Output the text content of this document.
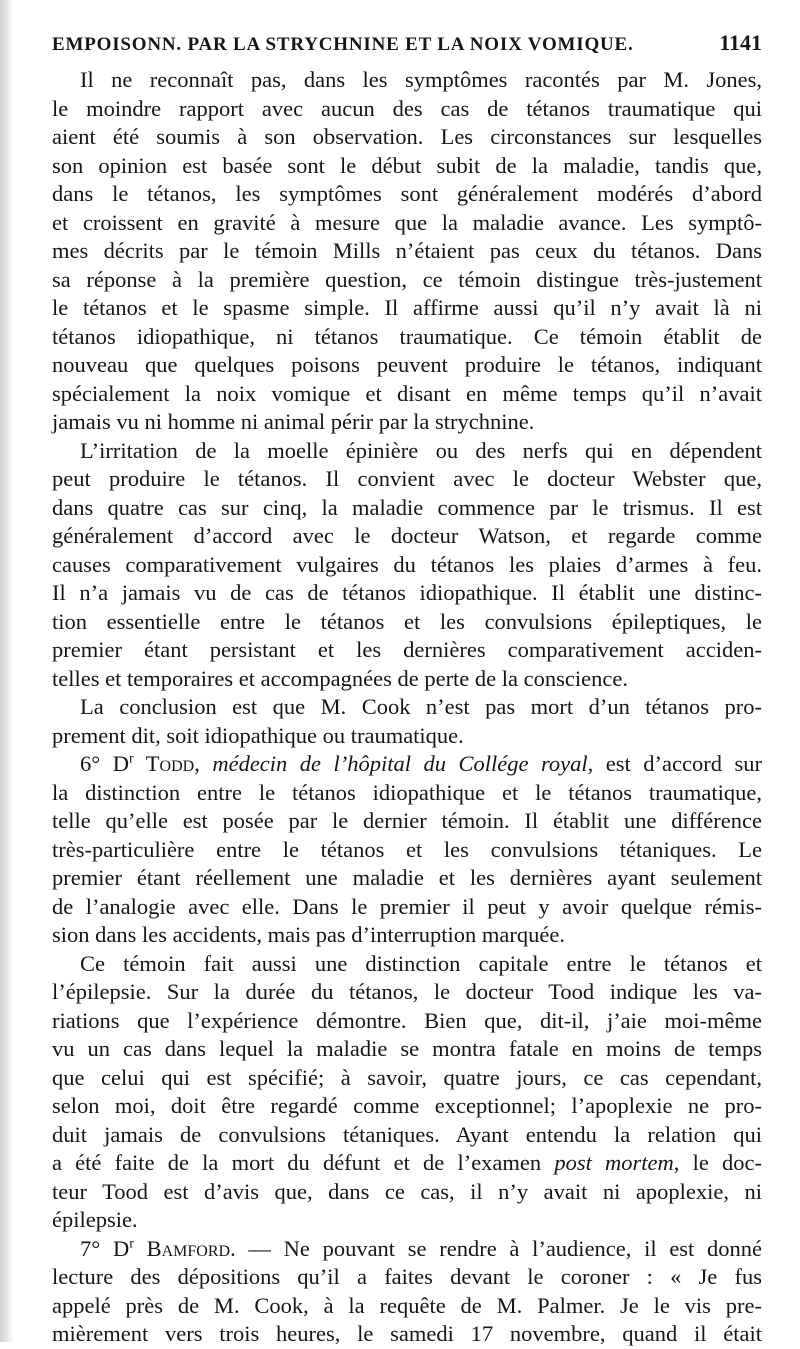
EMPOISONN. PAR LA STRYCHNINE ET LA NOIX VOMIQUE.	1141
Il ne reconnaît pas, dans les symptômes racontés par M. Jones,
le moindre rapport avec aucun des cas de tétanos traumatique qui
aient été soumis à son observation. Les circonstances sur lesquelles
son opinion est basée sont le début subit de la maladie, tandis que,
dans le tétanos, les symptômes sont généralement modérés d’abord
et croissent en gravité à mesure que la maladie avance. Les symptô-
mes décrits par le témoin Mills n’étaient pas ceux du tétanos. Dans
sa réponse à la première question, ce témoin distingue très-justement
le tétanos et le spasme simple. Il affirme aussi qu’il n’y avait là ni
tétanos idiopathique, ni tétanos traumatique. Ce témoin établit de
nouveau que quelques poisons peuvent produire le tétanos, indiquant
spécialement la noix vomique et disant en même temps qu’il n’avait
jamais vu ni homme ni animal périr par la strychnine.
L’irritation de la moelle épinière ou des nerfs qui en dépendent
peut produire le tétanos. Il convient avec le docteur Webster que,
dans quatre cas sur cinq, la maladie commence par le trismus. Il est
généralement d’accord avec le docteur Watson, et regarde comme
causes comparativement vulgaires du tétanos les plaies d’armes à feu.
Il n’a jamais vu de cas de tétanos idiopathique. Il établit une distinc-
tion essentielle entre le tétanos et les convulsions épileptiques, le
premier étant persistant et les dernières comparativement acciden-
telles et temporaires et accompagnées de perte de la conscience.
La conclusion est que M. Cook n’est pas mort d’un tétanos pro-
prement dit, soit idiopathique ou traumatique.
6° $D^r$ Todd, médecin de l’hôpital du Collége royal, est d’accord sur
la distinction entre le tétanos idiopathique et le tétanos traumatique,
telle qu’elle est posée par le dernier témoin. Il établit une différence
très-particulière entre le tétanos et les convulsions tétaniques. Le
premier étant réellement une maladie et les dernières ayant seulement
de l’analogie avec elle. Dans le premier il peut y avoir quelque rémis-
sion dans les accidents, mais pas d’interruption marquée.
Ce témoin fait aussi une distinction capitale entre le tétanos et
l’épilepsie. Sur la durée du tétanos, le docteur Tood indique les va-
riations que l’expérience démontre. Bien que, dit-il, j’aie moi-même
vu un cas dans lequel la maladie se montra fatale en moins de temps
que celui qui est spécifié; à savoir, quatre jours, ce cas cependant,
selon moi, doit être regardé comme exceptionnel; l’apoplexie ne pro-
duit jamais de convulsions tétaniques. Ayant entendu la relation qui
a été faite de la mort du défunt et de l’examen post mortem, le doc-
teur Tood est d’avis que, dans ce cas, il n’y avait ni apoplexie, ni
épilepsie.
7° $D^r$ Bamford. — Ne pouvant se rendre à l’audience, il est donné
lecture des dépositions qu’il a faites devant le coroner : « Je fus
appelé près de M. Cook, à la requête de M. Palmer. Je le vis pre-
mièrement vers trois heures, le samedi 17 novembre, quand il était
